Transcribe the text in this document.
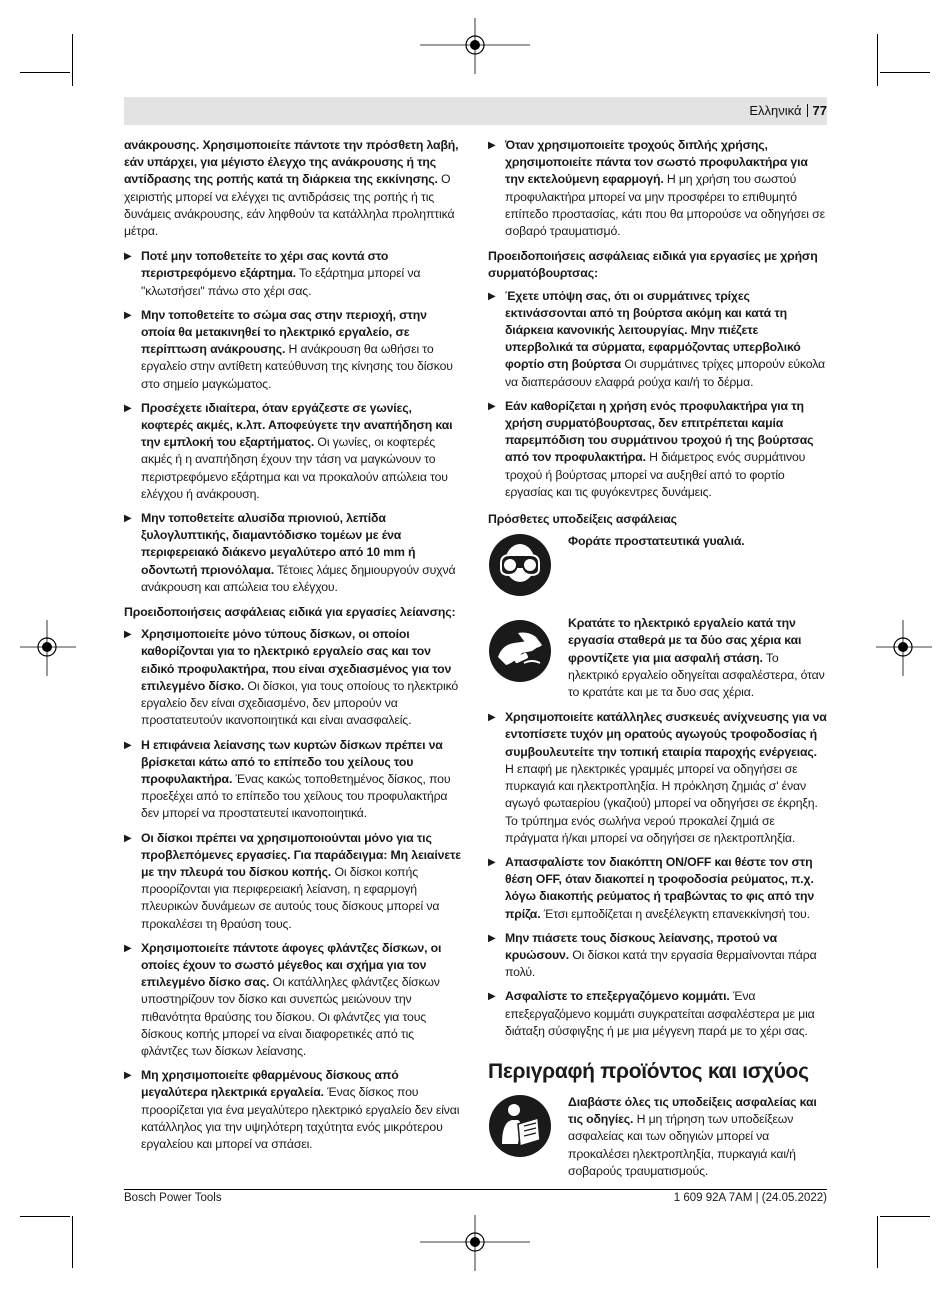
Ελληνικά 77
ανάκρουσης. Χρησιμοποιείτε πάντοτε την πρόσθετη λαβή, εάν υπάρχει, για μέγιστο έλεγχο της ανάκρουσης ή της αντίδρασης της ροπής κατά τη διάρκεια της εκκίνησης. Ο χειριστής μπορεί να ελέγχει τις αντιδράσεις της ροπής ή τις δυνάμεις ανάκρουσης, εάν ληφθούν τα κατάλληλα προληπτικά μέτρα.
▶ Ποτέ μην τοποθετείτε το χέρι σας κοντά στο περιστρεφόμενο εξάρτημα. Το εξάρτημα μπορεί να "κλωτσήσει" πάνω στο χέρι σας.
▶ Μην τοποθετείτε το σώμα σας στην περιοχή, στην οποία θα μετακινηθεί το ηλεκτρικό εργαλείο, σε περίπτωση ανάκρουσης. Η ανάκρουση θα ωθήσει το εργαλείο στην αντίθετη κατεύθυνση της κίνησης του δίσκου στο σημείο μαγκώματος.
▶ Προσέχετε ιδιαίτερα, όταν εργάζεστε σε γωνίες, κοφτερές ακμές, κ.λπ. Αποφεύγετε την αναπήδηση και την εμπλοκή του εξαρτήματος. Οι γωνίες, οι κοφτερές ακμές ή η αναπήδηση έχουν την τάση να μαγκώνουν το περιστρεφόμενο εξάρτημα και να προκαλούν απώλεια του ελέγχου ή ανάκρουση.
▶ Μην τοποθετείτε αλυσίδα πριονιού, λεπίδα ξυλογλυπτικής, διαμαντόδισκο τομέων με ένα περιφερειακό διάκενο μεγαλύτερο από 10 mm ή οδοντωτή πριονόλαμα. Τέτοιες λάμες δημιουργούν συχνά ανάκρουση και απώλεια του ελέγχου.
Προειδοποιήσεις ασφάλειας ειδικά για εργασίες λείανσης:
▶ Χρησιμοποιείτε μόνο τύπους δίσκων, οι οποίοι καθορίζονται για το ηλεκτρικό εργαλείο σας και τον ειδικό προφυλακτήρα, που είναι σχεδιασμένος για τον επιλεγμένο δίσκο. Οι δίσκοι, για τους οποίους το ηλεκτρικό εργαλείο δεν είναι σχεδιασμένο, δεν μπορούν να προστατευτούν ικανοποιητικά και είναι ανασφαλείς.
▶ Η επιφάνεια λείανσης των κυρτών δίσκων πρέπει να βρίσκεται κάτω από το επίπεδο του χείλους του προφυλακτήρα. Ένας κακώς τοποθετημένος δίσκος, που προεξέχει από το επίπεδο του χείλους του προφυλακτήρα δεν μπορεί να προστατευτεί ικανοποιητικά.
▶ Οι δίσκοι πρέπει να χρησιμοποιούνται μόνο για τις προβλεπόμενες εργασίες. Για παράδειγμα: Μη λειαίνετε με την πλευρά του δίσκου κοπής. Οι δίσκοι κοπής προορίζονται για περιφερειακή λείανση, η εφαρμογή πλευρικών δυνάμεων σε αυτούς τους δίσκους μπορεί να προκαλέσει τη θραύση τους.
▶ Χρησιμοποιείτε πάντοτε άφογες φλάντζες δίσκων, οι οποίες έχουν το σωστό μέγεθος και σχήμα για τον επιλεγμένο δίσκο σας. Οι κατάλληλες φλάντζες δίσκων υποστηρίζουν τον δίσκο και συνεπώς μειώνουν την πιθανότητα θραύσης του δίσκου. Οι φλάντζες για τους δίσκους κοπής μπορεί να είναι διαφορετικές από τις φλάντζες των δίσκων λείανσης.
▶ Μη χρησιμοποιείτε φθαρμένους δίσκους από μεγαλύτερα ηλεκτρικά εργαλεία. Ένας δίσκος που προορίζεται για ένα μεγαλύτερο ηλεκτρικό εργαλείο δεν είναι κατάλληλος για την υψηλότερη ταχύτητα ενός μικρότερου εργαλείου και μπορεί να σπάσει.
▶ Όταν χρησιμοποιείτε τροχούς διπλής χρήσης, χρησιμοποιείτε πάντα τον σωστό προφυλακτήρα για την εκτελούμενη εφαρμογή. Η μη χρήση του σωστού προφυλακτήρα μπορεί να μην προσφέρει το επιθυμητό επίπεδο προστασίας, κάτι που θα μπορούσε να οδηγήσει σε σοβαρό τραυματισμό.
Προειδοποιήσεις ασφάλειας ειδικά για εργασίες με χρήση συρματόβουρτσας:
▶ Έχετε υπόψη σας, ότι οι συρμάτινες τρίχες εκτινάσσονται από τη βούρτσα ακόμη και κατά τη διάρκεια κανονικής λειτουργίας. Μην πιέζετε υπερβολικά τα σύρματα, εφαρμόζοντας υπερβολικό φορτίο στη βούρτσα Οι συρμάτινες τρίχες μπορούν εύκολα να διαπεράσουν ελαφρά ρούχα και/ή το δέρμα.
▶ Εάν καθορίζεται η χρήση ενός προφυλακτήρα για τη χρήση συρματόβουρτσας, δεν επιτρέπεται καμία παρεμπόδιση του συρμάτινου τροχού ή της βούρτσας από τον προφυλακτήρα. Η διάμετρος ενός συρμάτινου τροχού ή βούρτσας μπορεί να αυξηθεί από το φορτίο εργασίας και τις φυγόκεντρες δυνάμεις.
Πρόσθετες υποδείξεις ασφάλειας
Φοράτε προστατευτικά γυαλιά.
Κρατάτε το ηλεκτρικό εργαλείο κατά την εργασία σταθερά με τα δύο σας χέρια και φροντίζετε για μια ασφαλή στάση. Το ηλεκτρικό εργαλείο οδηγείται ασφαλέστερα, όταν το κρατάτε και με τα δυο σας χέρια.
▶ Χρησιμοποιείτε κατάλληλες συσκευές ανίχνευσης για να εντοπίσετε τυχόν μη ορατούς αγωγούς τροφοδοσίας ή συμβουλευτείτε την τοπική εταιρία παροχής ενέργειας. Η επαφή με ηλεκτρικές γραμμές μπορεί να οδηγήσει σε πυρκαγιά και ηλεκτροπληξία. Η πρόκληση ζημιάς σ' έναν αγωγό φωταερίου (γκαζιού) μπορεί να οδηγήσει σε έκρηξη. Το τρύπημα ενός σωλήνα νερού προκαλεί ζημιά σε πράγματα ή/και μπορεί να οδηγήσει σε ηλεκτροπληξία.
▶ Απασφαλίστε τον διακόπτη ON/OFF και θέστε τον στη θέση OFF, όταν διακοπεί η τροφοδοσία ρεύματος, π.χ. λόγω διακοπής ρεύματος ή τραβώντας το φις από την πρίζα. Έτσι εμποδίζεται η ανεξέλεγκτη επανεκκίνησή του.
▶ Μην πιάσετε τους δίσκους λείανσης, προτού να κρυώσουν. Οι δίσκοι κατά την εργασία θερμαίνονται πάρα πολύ.
▶ Ασφαλίστε το επεξεργαζόμενο κομμάτι. Ένα επεξεργαζόμενο κομμάτι συγκρατείται ασφαλέστερα με μια διάταξη σύσφιγξης ή με μια μέγγενη παρά με το χέρι σας.
Περιγραφή προϊόντος και ισχύος
Διαβάστε όλες τις υποδείξεις ασφαλείας και τις οδηγίες. Η μη τήρηση των υποδείξεων ασφαλείας και των οδηγιών μπορεί να προκαλέσει ηλεκτροπληξία, πυρκαγιά και/ή σοβαρούς τραυματισμούς.
Bosch Power Tools	1 609 92A 7AM | (24.05.2022)
